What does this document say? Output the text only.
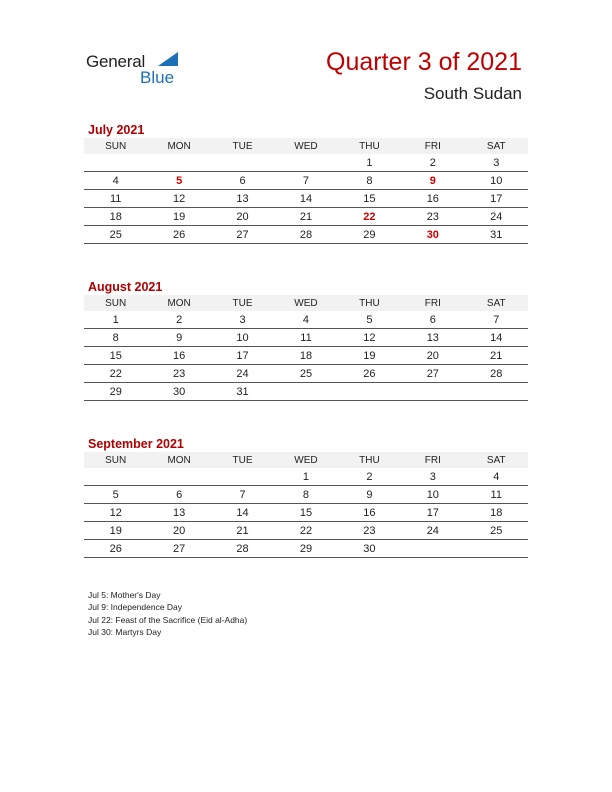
General
Blue
Quarter 3 of 2021
South Sudan
July 2021
SUN	MON	TUE	WED	THU	FRI	SAT
				1	2	3
4	5	6	7	8	9	10
11	12	13	14	15	16	17
18	19	20	21	22	23	24
25	26	27	28	29	30	31
August 2021
SUN	MON	TUE	WED	THU	FRI	SAT
1	2	3	4	5	6	7
8	9	10	11	12	13	14
15	16	17	18	19	20	21
22	23	24	25	26	27	28
29	30	31				
September 2021
SUN	MON	TUE	WED	THU	FRI	SAT
			1	2	3	4
5	6	7	8	9	10	11
12	13	14	15	16	17	18
19	20	21	22	23	24	25
26	27	28	29	30		
Jul 5: Mother's Day
Jul 9: Independence Day
Jul 22: Feast of the Sacrifice (Eid al-Adha)
Jul 30: Martyrs Day
